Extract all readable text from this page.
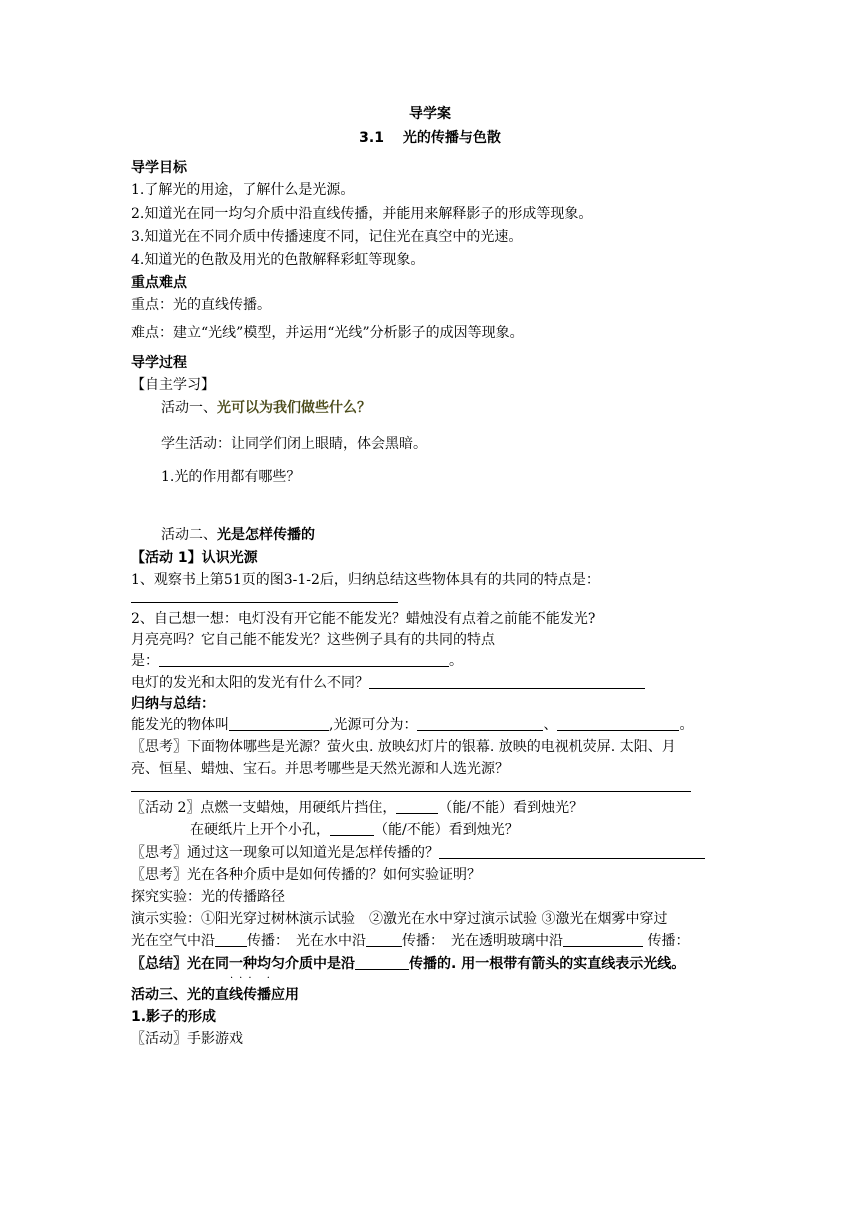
导学案
3.1　 光的传播与色散
导学目标
1.了解光的用途，了解什么是光源。
2.知道光在同一均匀介质中沿直线传播，并能用来解释影子的形成等现象。
3.知道光在不同介质中传播速度不同，记住光在真空中的光速。
4.知道光的色散及用光的色散解释彩虹等现象。
重点难点
重点：光的直线传播。
难点：建立“光线”模型，并运用“光线”分析影子的成因等现象。
导学过程
【自主学习】
活动一、光可以为我们做些什么？
学生活动：让同学们闭上眼睛，体会黑暗。
1.光的作用都有哪些？
活动二、光是怎样传播的
【活动 1】认识光源
1、观察书上第51页的图3-1-2后，归纳总结这些物体具有的共同的特点是：
2、自己想一想：电灯没有开它能不能发光？蜡烛没有点着之前能不能发光?
月亮亮吗？它自己能不能发光？这些例子具有的共同的特点
是：	。
电灯的发光和太阳的发光有什么不同？
归纳与总结：
能发光的物体叫	,光源可分为：	、	。
〖思考〗下面物体哪些是光源？萤火虫. 放映幻灯片的银幕. 放映的电视机荧屏. 太阳、月
亮、恒星、蜡烛、宝石。并思考哪些是天然光源和人选光源？
〖活动 2〗点燃一支蜡烛，用硬纸片挡住，	（能/不能）看到烛光？
在硬纸片上开个小孔，	（能/不能）看到烛光？
〖思考〗通过这一现象可以知道光是怎样传播的？
〖思考〗光在各种介质中是如何传播的？如何实验证明？
探究实验：光的传播路径
演示实验：①阳光穿过树林演示试验　②激光在水中穿过演示试验 ③激光在烟雾中穿过
光在空气中沿 传播：　光在水中沿	传播：　光在透明玻璃中沿	传播：
〖总结〗光在同一种均匀介质中是沿	传播的. 用一根带有箭头的实直线表示光线。
··· ·
活动三、光的直线传播应用
1.影子的形成
〖活动〗手影游戏
